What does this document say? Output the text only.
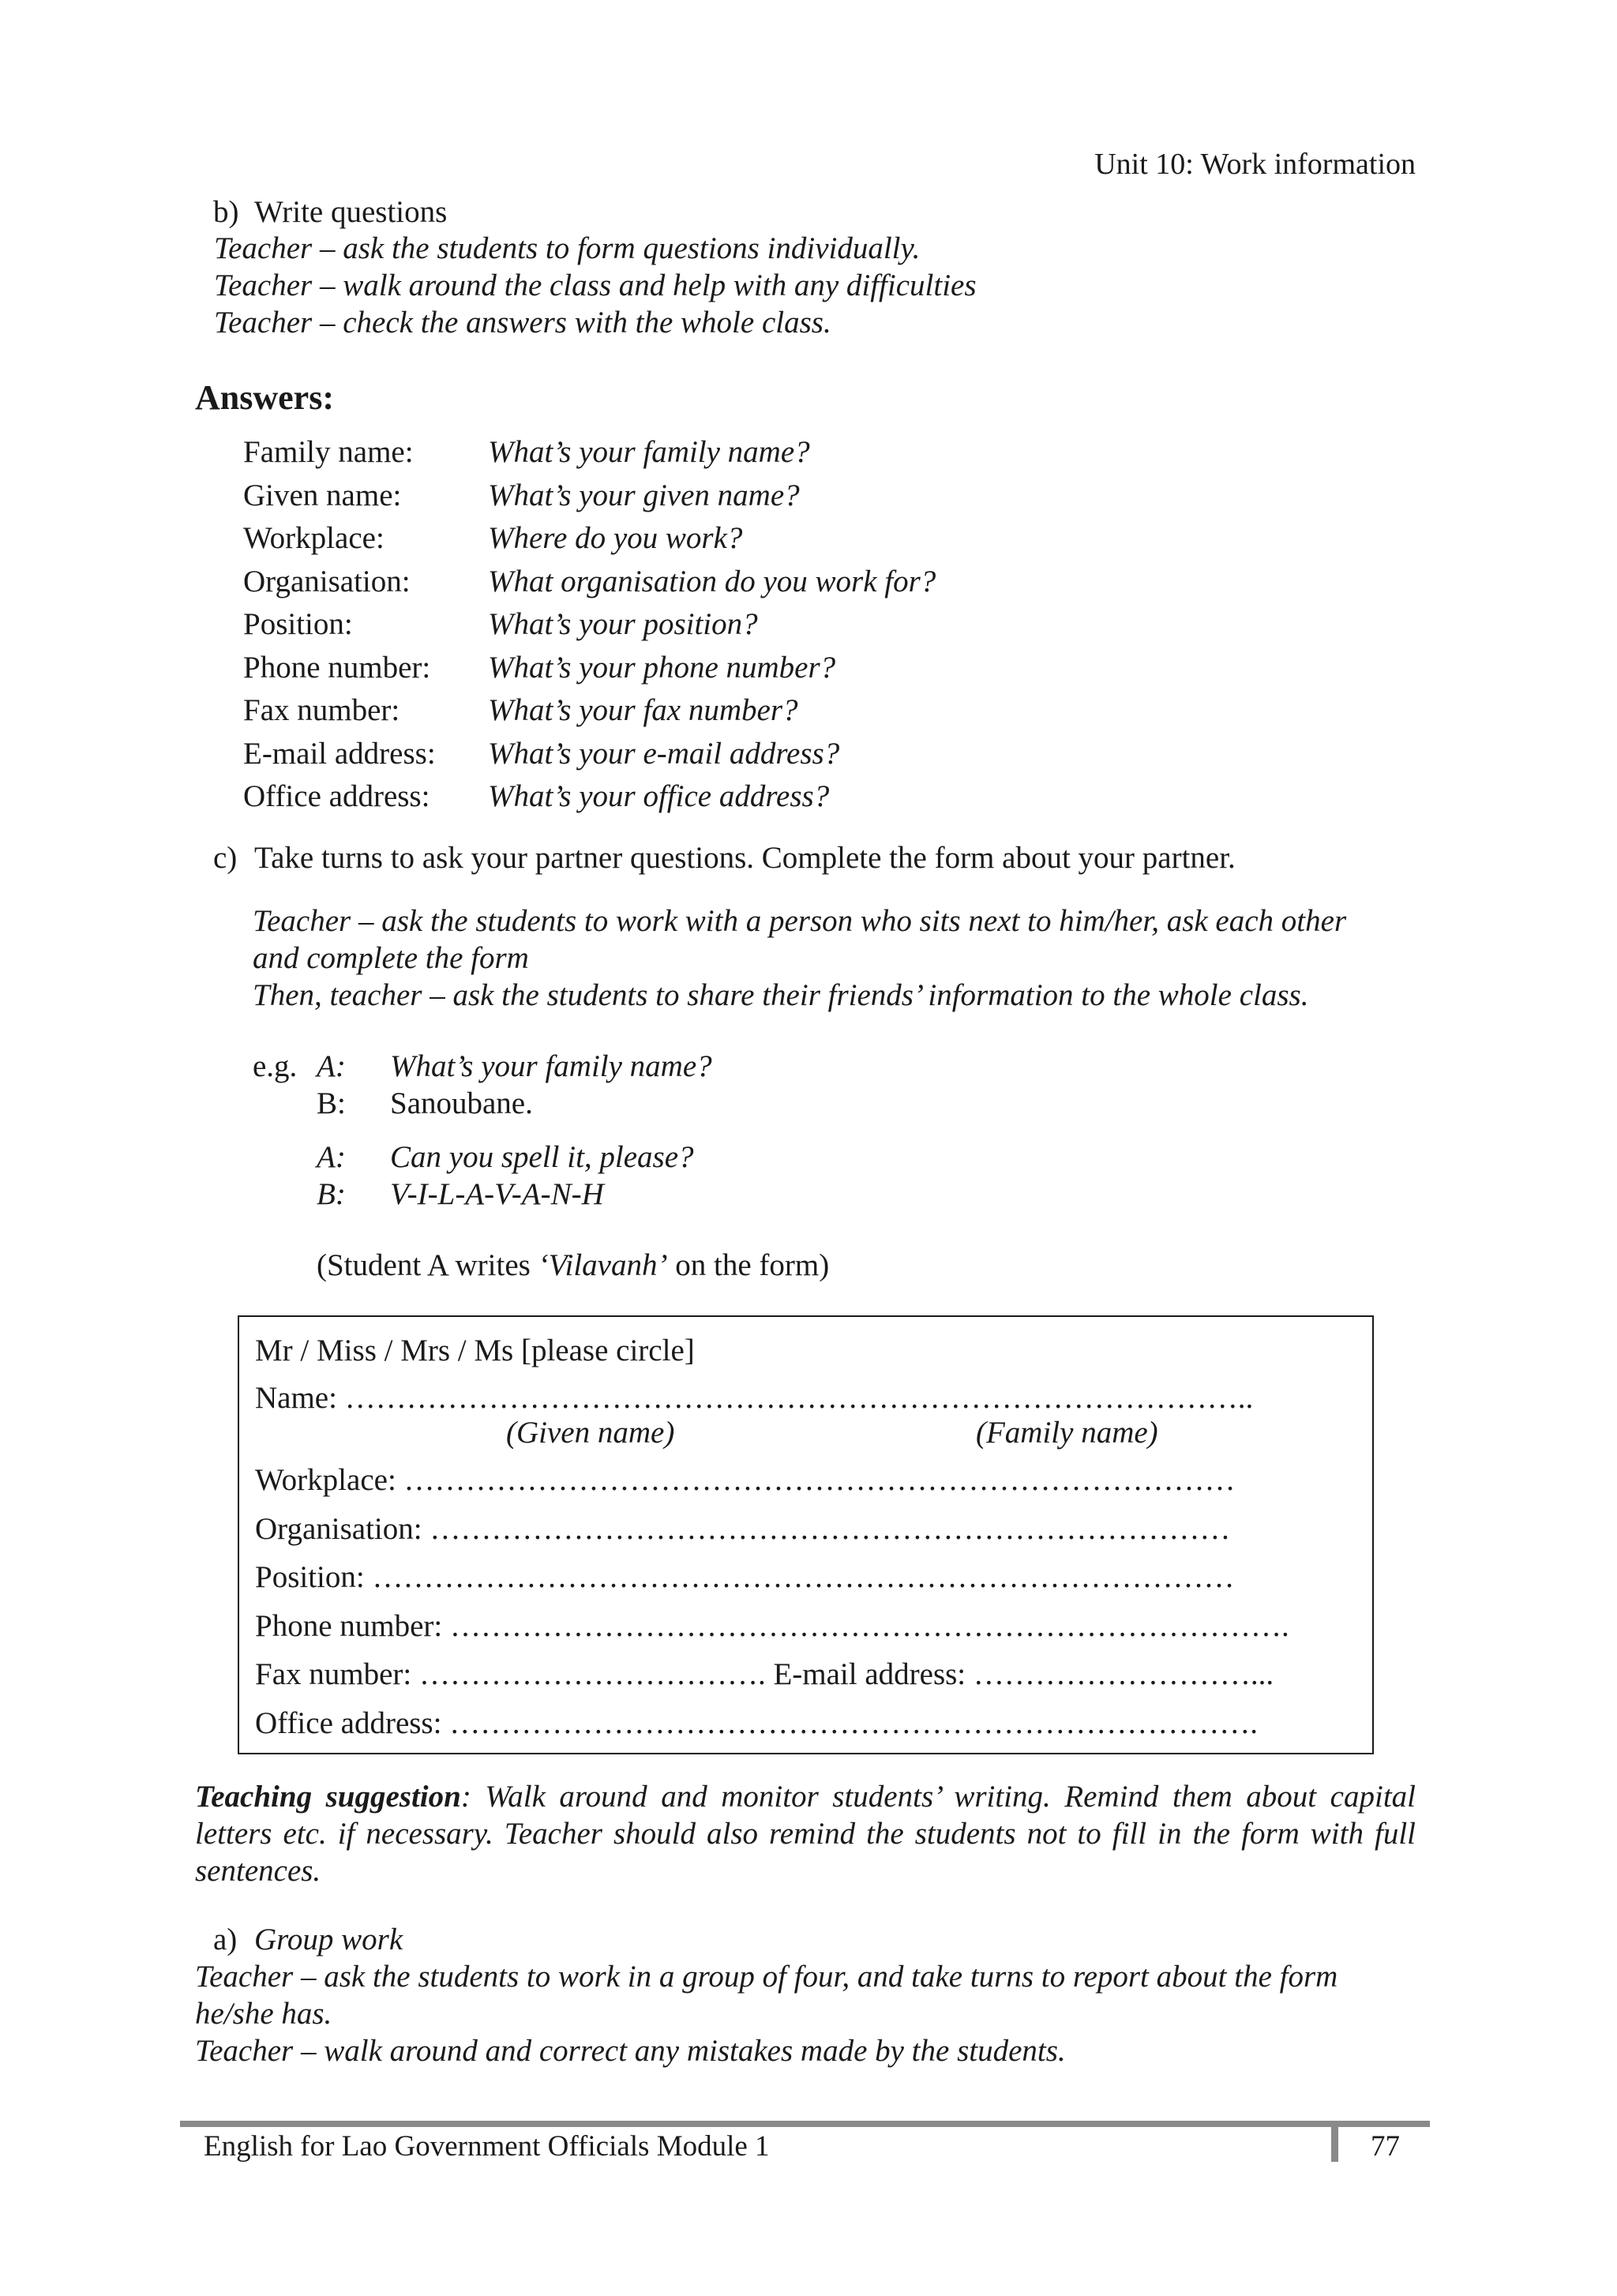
Unit 10: Work information
b) Write questions
Teacher – ask the students to form questions individually.
Teacher – walk around the class and help with any difficulties
Teacher – check the answers with the whole class.
Answers:
Family name: What’s your family name?
Given name:	What’s your given name?
Workplace:	Where do you work?
Organisation:	What organisation do you work for?
Position:	What’s your position?
Phone number: What’s your phone number?
Fax number:	What’s your fax number?
E-mail address: What’s your e-mail address?
Office address: What’s your office address?
c) Take turns to ask your partner questions. Complete the form about your partner.
Teacher – ask the students to work with a person who sits next to him/her, ask each other
and complete the form
Then, teacher – ask the students to share their friends’ information to the whole class.
e.g. A: What’s your family name?
B: Sanoubane.
A: Can you spell it, please?
B: V-I-L-A-V-A-N-H
(Student A writes ‘Vilavanh’ on the form)
Mr / Miss / Mrs / Ms [please circle]
Name: ……………………………………………………………………………..
(Given name)	(Family name)
Workplace: ………………………………………………………………………
Organisation: ……………………………………………………………………
Position: …………………………………………………………………………
Phone number: ……………………………………………………………………….
Fax number: ……………………………. E-mail address: ………………………...
Office address: …………………………………………………………………….
Teaching suggestion: Walk around and monitor students’ writing. Remind them about capital letters etc. if necessary. Teacher should also remind the students not to fill in the form with full sentences.
a) Group work
Teacher – ask the students to work in a group of four, and take turns to report about the form
he/she has.
Teacher – walk around and correct any mistakes made by the students.
English for Lao Government Officials Module 1	77
